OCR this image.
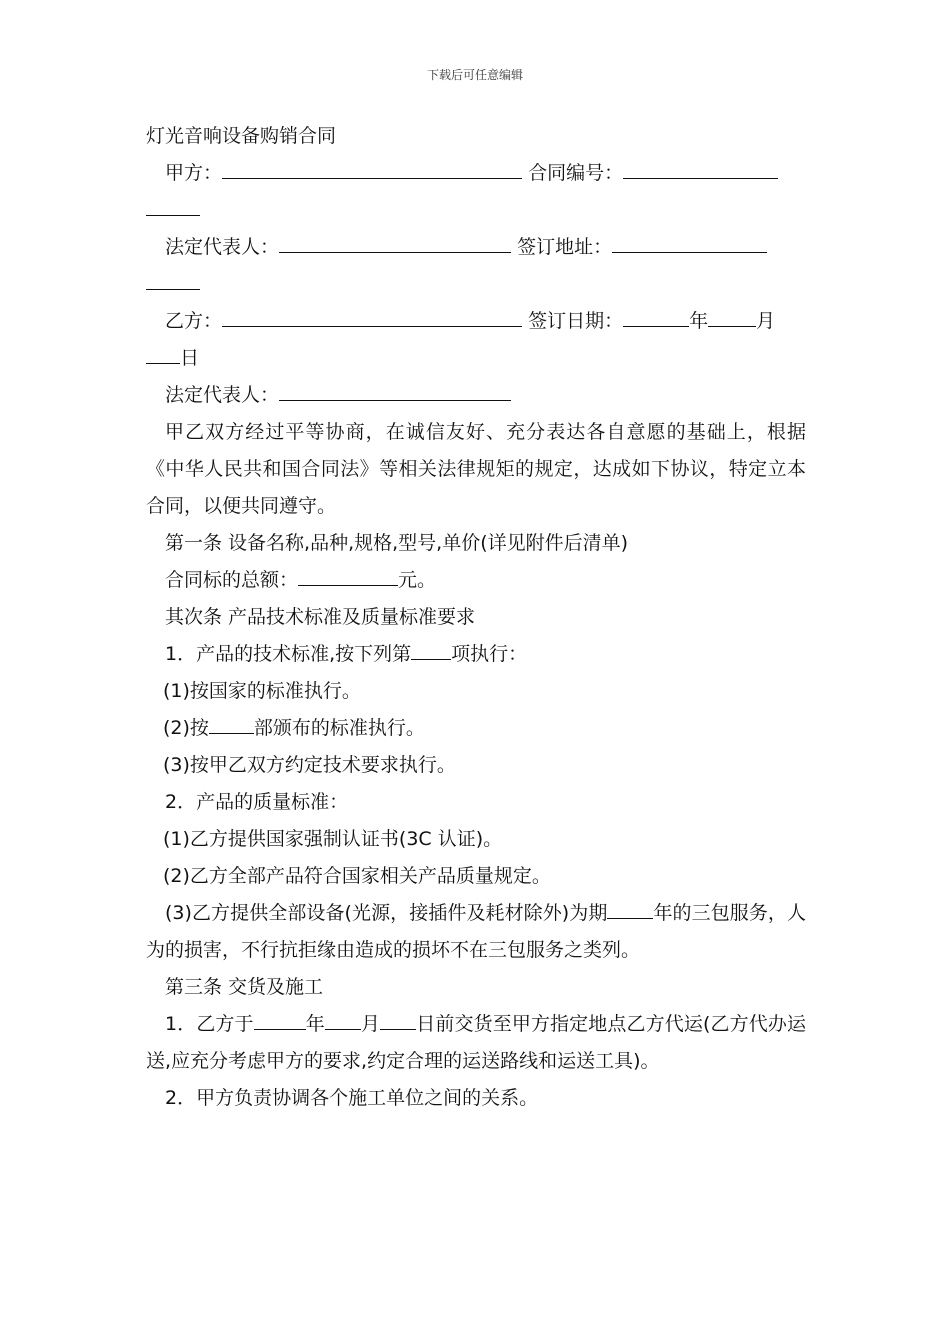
下载后可任意编辑
灯光音响设备购销合同
甲方：	合同编号：
法定代表人：	签订地址：
乙方：	签订日期：	年	月
日
法定代表人：
甲乙双方经过平等协商，在诚信友好、充分表达各自意愿的基础上，根据《中华人民共和国合同法》等相关法律规矩的规定，达成如下协议，特定立本合同，以便共同遵守。
第一条 设备名称,品种,规格,型号,单价(详见附件后清单)
合同标的总额：	元。
其次条 产品技术标准及质量标准要求
1．产品的技术标准,按下列第 项执行：
(1)按国家的标准执行。
(2)按 部颁布的标准执行。
(3)按甲乙双方约定技术要求执行。
2．产品的质量标准：
(1)乙方提供国家强制认证书(3C 认证)。
(2)乙方全部产品符合国家相关产品质量规定。
(3)乙方提供全部设备(光源，接插件及耗材除外)为期 年的三包服务，人为的损害，不行抗拒缘由造成的损坏不在三包服务之类列。
第三条 交货及施工
1．乙方于	年 月 日前交货至甲方指定地点乙方代运(乙方代办运送,应充分考虑甲方的要求,约定合理的运送路线和运送工具)。
2．甲方负责协调各个施工单位之间的关系。
